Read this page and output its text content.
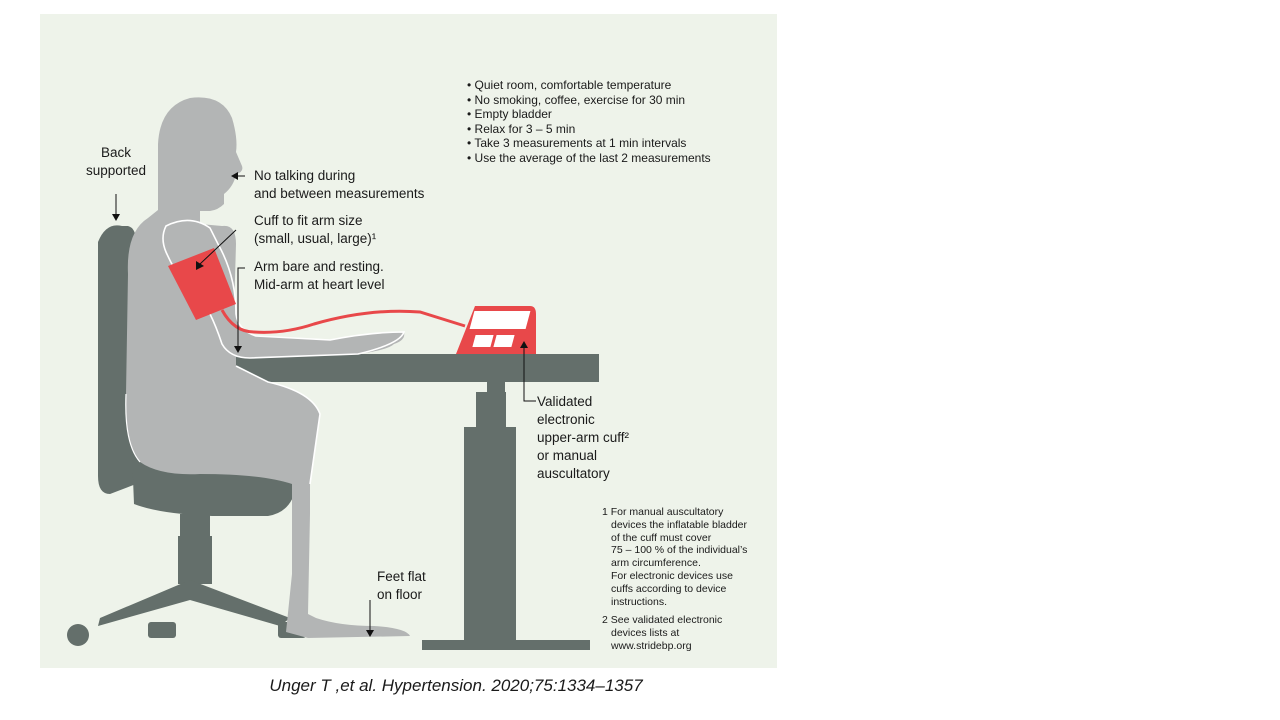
Back
supported	No talking during
and between measurements
Cuff to fit arm size
(small, usual, large)¹
Arm bare and resting.
Mid-arm at heart level
Validated
electronic
upper-arm cuff²
or manual
auscultatory
Feet flat
on floor
• Quiet room, comfortable temperature
• No smoking, coffee, exercise for 30 min
• Empty bladder
• Relax for 3 – 5 min
• Take 3 measurements at 1 min intervals
• Use the average of the last 2 measurements
1 For manual auscultatory
devices the inflatable bladder
of the cuff must cover
75 – 100 % of the individual’s
arm circumference.
For electronic devices use
cuffs according to device
instructions.
2 See validated electronic
devices lists at
www.stridebp.org
Unger T ,et al. Hypertension. 2020;75:1334–1357
